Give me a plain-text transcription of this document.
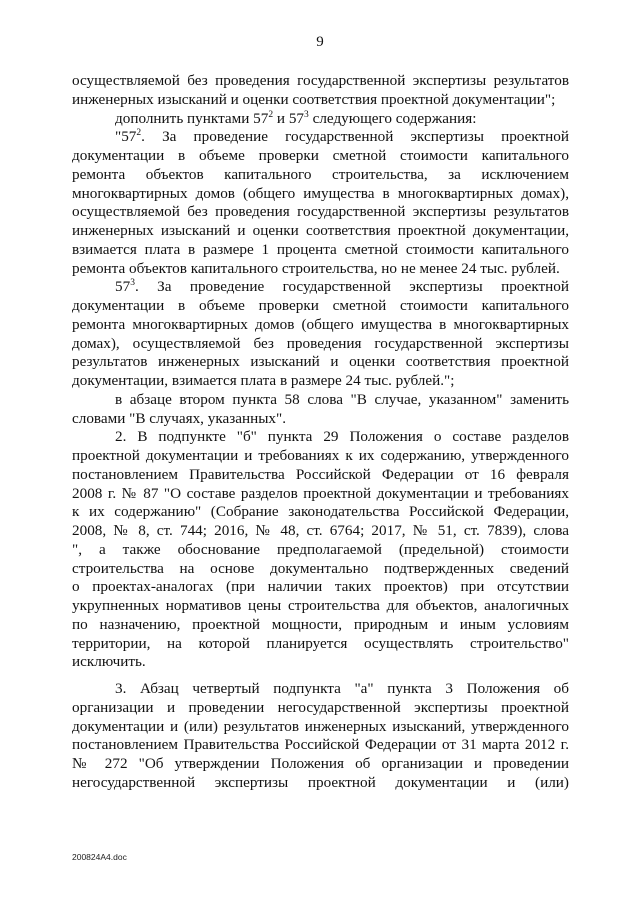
9
осуществляемой без проведения государственной экспертизы результатов
инженерных изысканий и оценки соответствия проектной документации";
дополнить пунктами $57^2$ и $57^3$ следующего содержания:
"$57^2$. За проведение государственной экспертизы проектной
документации в объеме проверки сметной стоимости капитального
ремонта объектов капитального строительства, за исключением
многоквартирных домов (общего имущества в многоквартирных домах),
осуществляемой без проведения государственной экспертизы результатов
инженерных изысканий и оценки соответствия проектной документации,
взимается плата в размере 1 процента сметной стоимости капитального
ремонта объектов капитального строительства, но не менее 24 тыс. рублей.
$57^3$. За проведение государственной экспертизы проектной
документации в объеме проверки сметной стоимости капитального
ремонта многоквартирных домов (общего имущества в многоквартирных
домах), осуществляемой без проведения государственной экспертизы
результатов инженерных изысканий и оценки соответствия проектной
документации, взимается плата в размере 24 тыс. рублей.";
в абзаце втором пункта 58 слова "В случае, указанном" заменить
словами "В случаях, указанных".
2. В подпункте "б" пункта 29 Положения о составе разделов
проектной документации и требованиях к их содержанию, утвержденного
постановлением Правительства Российской Федерации от 16 февраля
2008 г. № 87 "О составе разделов проектной документации и требованиях
к их содержанию" (Собрание законодательства Российской Федерации,
2008, № 8, ст. 744; 2016, № 48, ст. 6764; 2017, № 51, ст. 7839), слова
", а также обоснование предполагаемой (предельной) стоимости
строительства на основе документально подтвержденных сведений
о проектах-аналогах (при наличии таких проектов) при отсутствии
укрупненных нормативов цены строительства для объектов, аналогичных
по назначению, проектной мощности, природным и иным условиям
территории, на которой планируется осуществлять строительство"
исключить.
3. Абзац четвертый подпункта "а" пункта 3 Положения об
организации и проведении негосударственной экспертизы проектной
документации и (или) результатов инженерных изысканий, утвержденного
постановлением Правительства Российской Федерации от 31 марта 2012 г.
№ 272 "Об утверждении Положения об организации и проведении
негосударственной экспертизы проектной документации и (или)
200824A4.doc
